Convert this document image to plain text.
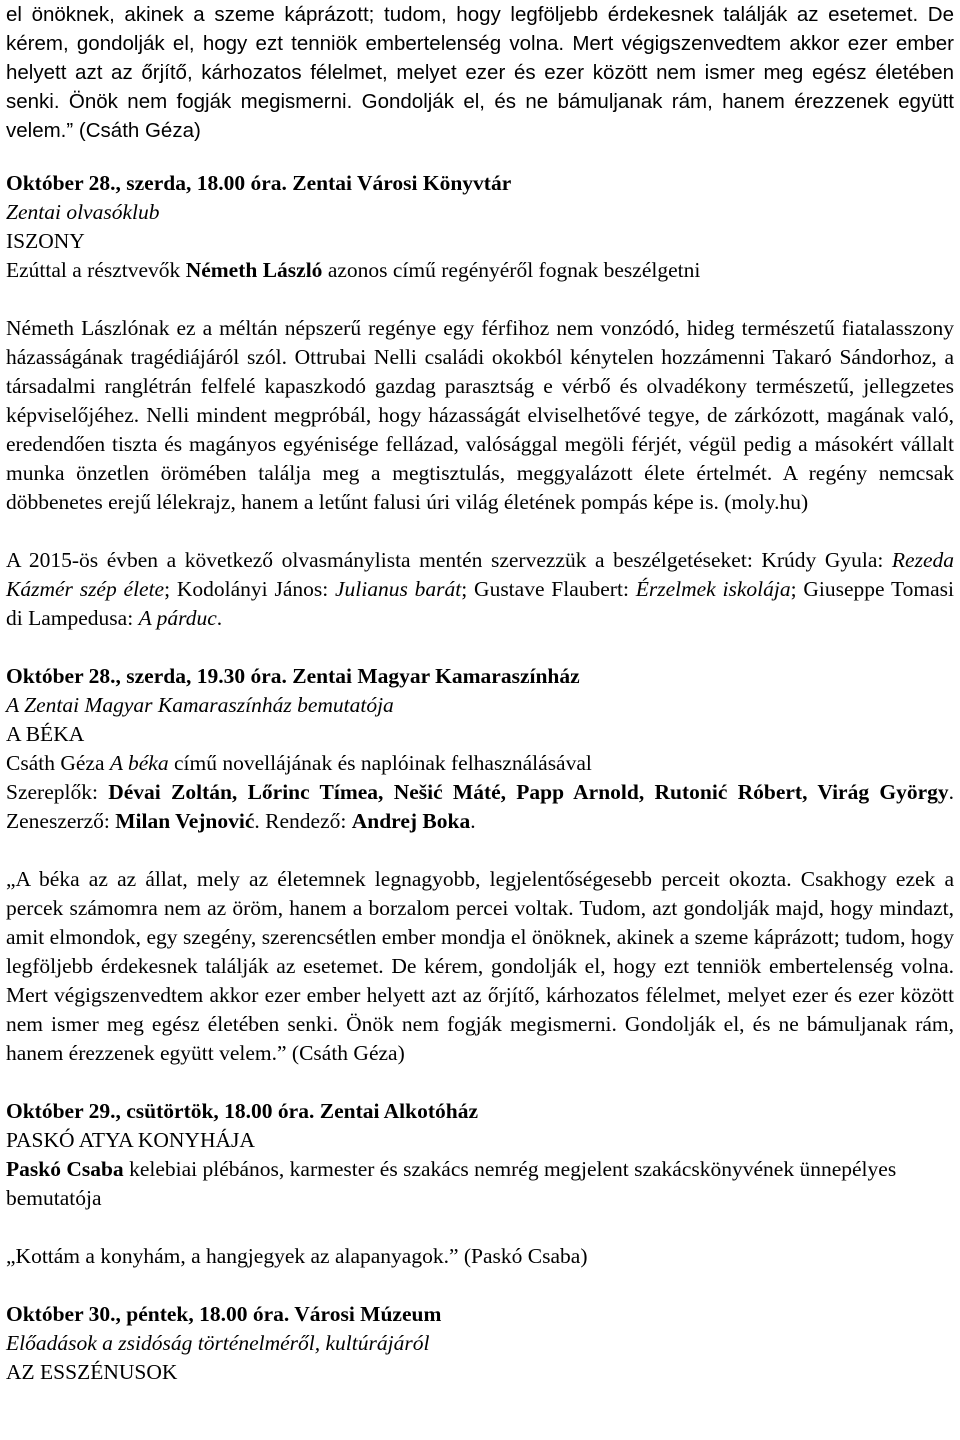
el önöknek, akinek a szeme káprázott; tudom, hogy legföljebb érdekesnek találják az esetemet. De kérem, gondolják el, hogy ezt tenniök embertelenség volna. Mert végigszenvedtem akkor ezer ember helyett azt az őrjítő, kárhozatos félelmet, melyet ezer és ezer között nem ismer meg egész életében senki. Önök nem fogják megismerni. Gondolják el, és ne bámuljanak rám, hanem érezzenek együtt velem.” (Csáth Géza)

Október 28., szerda, 18.00 óra. Zentai Városi Könyvtár

Zentai olvasóklub

ISZONY

Ezúttal a résztvevők Németh László azonos című regényéről fognak beszélgetni

Németh Lászlónak ez a méltán népszerű regénye egy férfihoz nem vonzódó, hideg természetű fiatalasszony házasságának tragédiájáról szól. Ottrubai Nelli családi okokból kénytelen hozzámenni Takaró Sándorhoz, a társadalmi ranglétrán felfelé kapaszkodó gazdag parasztság e vérbő és olvadékony természetű, jellegzetes képviselőjéhez. Nelli mindent megpróbál, hogy házasságát elviselhetővé tegye, de zárkózott, magának való, eredendően tiszta és magányos egyénisége fellázad, valósággal megöli férjét, végül pedig a másokért vállalt munka önzetlen örömében találja meg a megtisztulás, meggyalázott élete értelmét. A regény nemcsak döbbenetes erejű lélekrajz, hanem a letűnt falusi úri világ életének pompás képe is. (moly.hu)

A 2015-ös évben a következő olvasmánylista mentén szervezzük a beszélgetéseket: Krúdy Gyula: Rezeda Kázmér szép élete; Kodolányi János: Julianus barát; Gustave Flaubert: Érzelmek iskolája; Giuseppe Tomasi di Lampedusa: A párduc.

Október 28., szerda, 19.30 óra. Zentai Magyar Kamaraszínház

A Zentai Magyar Kamaraszínház bemutatója

A BÉKA

Csáth Géza A béka című novellájának és naplóinak felhasználásával

Szereplők: Dévai Zoltán, Lőrinc Tímea, Nešić Máté, Papp Arnold, Rutonić Róbert, Virág György. Zeneszerző: Milan Vejnović. Rendező: Andrej Boka.

„A béka az az állat, mely az életemnek legnagyobb, legjelentőségesebb perceit okozta. Csakhogy ezek a percek számomra nem az öröm, hanem a borzalom percei voltak. Tudom, azt gondolják majd, hogy mindazt, amit elmondok, egy szegény, szerencsétlen ember mondja el önöknek, akinek a szeme káprázott; tudom, hogy legföljebb érdekesnek találják az esetemet. De kérem, gondolják el, hogy ezt tenniök embertelenség volna. Mert végigszenvedtem akkor ezer ember helyett azt az őrjítő, kárhozatos félelmet, melyet ezer és ezer között nem ismer meg egész életében senki. Önök nem fogják megismerni. Gondolják el, és ne bámuljanak rám, hanem érezzenek együtt velem.” (Csáth Géza)

Október 29., csütörtök, 18.00 óra. Zentai Alkotóház

PASKÓ ATYA KONYHÁJA

Paskó Csaba kelebiai plébános, karmester és szakács nemrég megjelent szakácskönyvének ünnepélyes bemutatója

„Kottám a konyhám, a hangjegyek az alapanyagok.” (Paskó Csaba)

Október 30., péntek, 18.00 óra. Városi Múzeum

Előadások a zsidóság történelméről, kultúrájáról

AZ ESSZÉNUSOK
